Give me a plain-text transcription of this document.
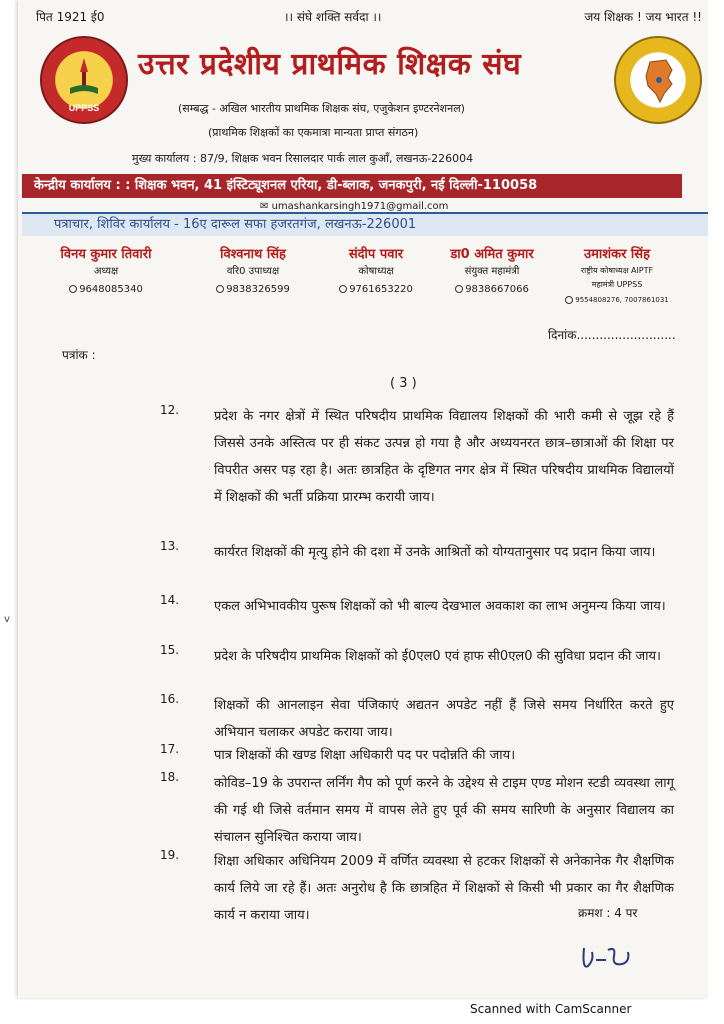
पित 1921 ई0	।। संघे शक्ति सर्वदा ।।	जय शिक्षक ! जय भारत !!
UPPSS
उत्तर प्रदेशीय प्राथमिक शिक्षक संघ
(सम्बद्ध - अखिल भारतीय प्राथमिक शिक्षक संघ, एजुकेशन इण्टरनेशनल)
(प्राथमिक शिक्षकों का एकमात्रा मान्यता प्राप्त संगठन)
मुख्य कार्यालय : 87/9, शिक्षक भवन रिसालदार पार्क लाल कुआँ, लखनऊ-226004
केन्द्रीय कार्यालय : : शिक्षक भवन, 41 इंस्टिट्यूशनल एरिया, डी-ब्लाक, जनकपुरी, नई दिल्ली-110058
✉ umashankarsingh1971@gmail.com
पत्राचार, शिविर कार्यालय - 16ए दारूल सफा हजरतगंज, लखनऊ-226001
विनय कुमार तिवारी
अध्यक्ष
9648085340
विश्वनाथ सिंह
वरि0 उपाध्यक्ष
9838326599
संदीप पवार
कोषाध्यक्ष
9761653220
डा0 अमित कुमार
संयुक्त महामंत्री
9838667066
उमाशंकर सिंह
राष्ट्रीय कोषाध्यक्ष AIPTF
महामंत्री UPPSS
9554808276, 7007861031
दिनांक..........................
पत्रांक :
( 3 )
12.	प्रदेश के नगर क्षेत्रों में स्थित परिषदीय प्राथमिक विद्यालय शिक्षकों की भारी कमी से जूझ रहे हैं जिससे उनके अस्तित्व पर ही संकट उत्पन्न हो गया है और अध्ययनरत छात्र–छात्राओं की शिक्षा पर विपरीत असर पड़ रहा है। अतः छात्रहित के दृष्टिगत नगर क्षेत्र में स्थित परिषदीय प्राथमिक विद्यालयों में शिक्षकों की भर्ती प्रक्रिया प्रारम्भ करायी जाय।
13.	कार्यरत शिक्षकों की मृत्यु होने की दशा में उनके आश्रितों को योग्यतानुसार पद प्रदान किया जाय।
14.	एकल अभिभावकीय पुरूष शिक्षकों को भी बाल्य देखभाल अवकाश का लाभ अनुमन्य किया जाय।
15.	प्रदेश के परिषदीय प्राथमिक शिक्षकों को ई0एल0 एवं हाफ सी0एल0 की सुविधा प्रदान की जाय।
16.	शिक्षकों की आनलाइन सेवा पंजिकाएं अद्यतन अपडेट नहीं हैं जिसे समय निर्धारित करते हुए अभियान चलाकर अपडेट कराया जाय।
17.	पात्र शिक्षकों की खण्ड शिक्षा अधिकारी पद पर पदोन्नति की जाय।
18.	कोविड–19 के उपरान्त लर्निंग गैप को पूर्ण करने के उद्देश्य से टाइम एण्ड मोशन स्टडी व्यवस्था लागू की गई थी जिसे वर्तमान समय में वापस लेते हुए पूर्व की समय सारिणी के अनुसार विद्यालय का संचालन सुनिश्चित कराया जाय।
19.	शिक्षा अधिकार अधिनियम 2009 में वर्णित व्यवस्था से हटकर शिक्षकों से अनेकानेक गैर शैक्षणिक कार्य लिये जा रहे हैं। अतः अनुरोध है कि छात्रहित में शिक्षकों से किसी भी प्रकार का गैर शैक्षणिक कार्य न कराया जाय।	क्रमश : 4 पर
v
Scanned with CamScanner
